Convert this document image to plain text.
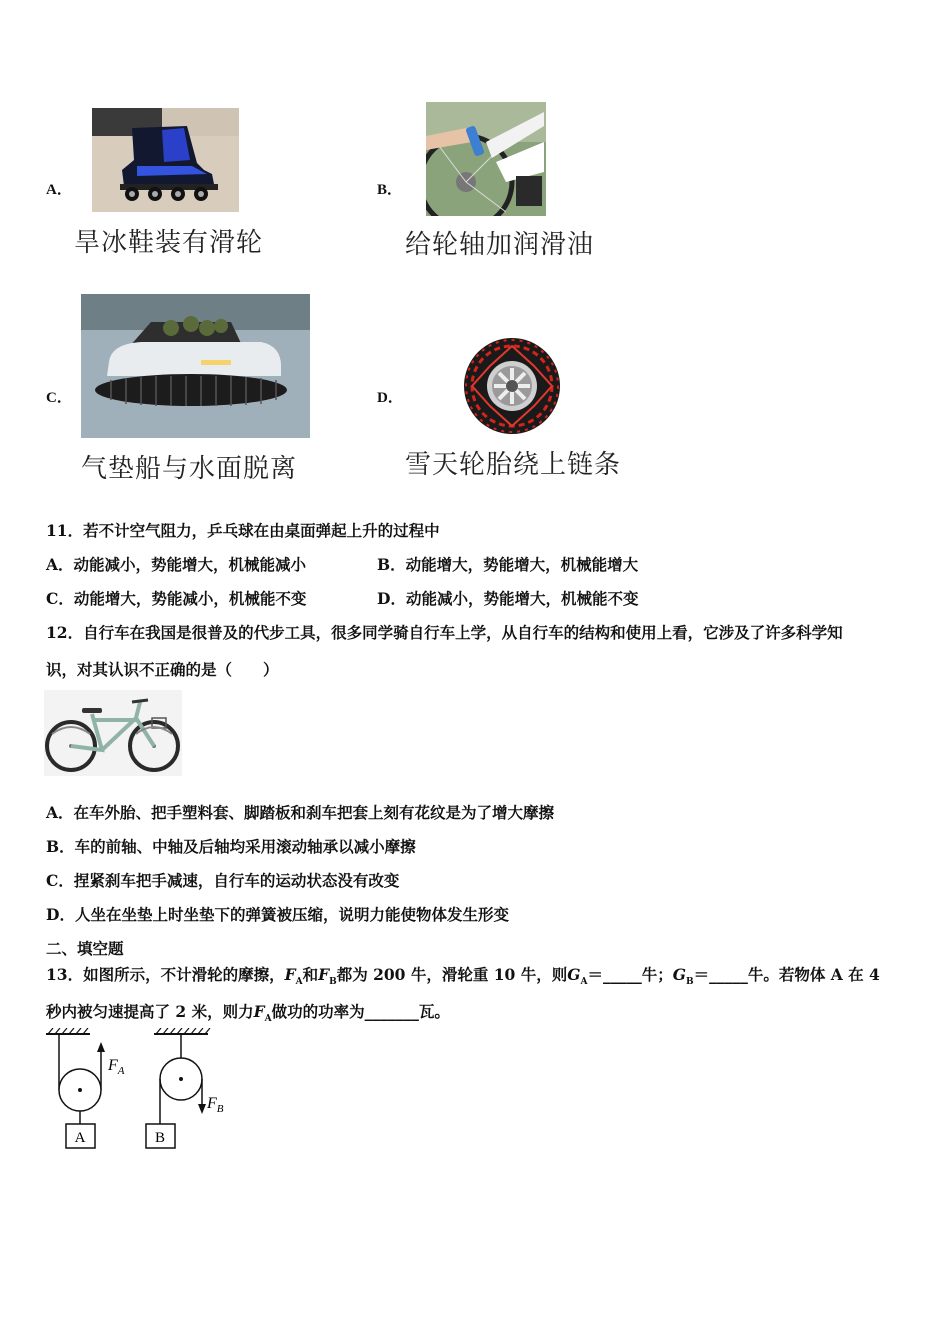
A．
旱冰鞋装有滑轮
B．
给轮轴加润滑油
C．
气垫船与水面脱离
D．
雪天轮胎绕上链条
11．若不计空气阻力，乒乓球在由桌面弹起上升的过程中
A．动能减小，势能增大，机械能减小	B．动能增大，势能增大，机械能增大
C．动能增大，势能减小，机械能不变	D．动能减小，势能增大，机械能不变
12．自行车在我国是很普及的代步工具，很多同学骑自行车上学，从自行车的结构和使用上看，它涉及了许多科学知
识，对其认识不正确的是（　　）
A．在车外胎、把手塑料套、脚踏板和刹车把套上刻有花纹是为了增大摩擦
B．车的前轴、中轴及后轴均采用滚动轴承以减小摩擦
C．捏紧刹车把手减速，自行车的运动状态没有改变
D．人坐在坐垫上时坐垫下的弹簧被压缩，说明力能使物体发生形变
二、填空题
13．如图所示，不计滑轮的摩擦，$F_A$和$F_B$都为 200 牛，滑轮重 10 牛，则$G_A=\_\_\_\_\_$牛；$G_B=\_\_\_\_\_$牛。若物体 A 在 4
秒内被匀速提高了 2 米，则力$F_A$做功的功率为_______瓦。
A
$F_A$
B
$F_B$
